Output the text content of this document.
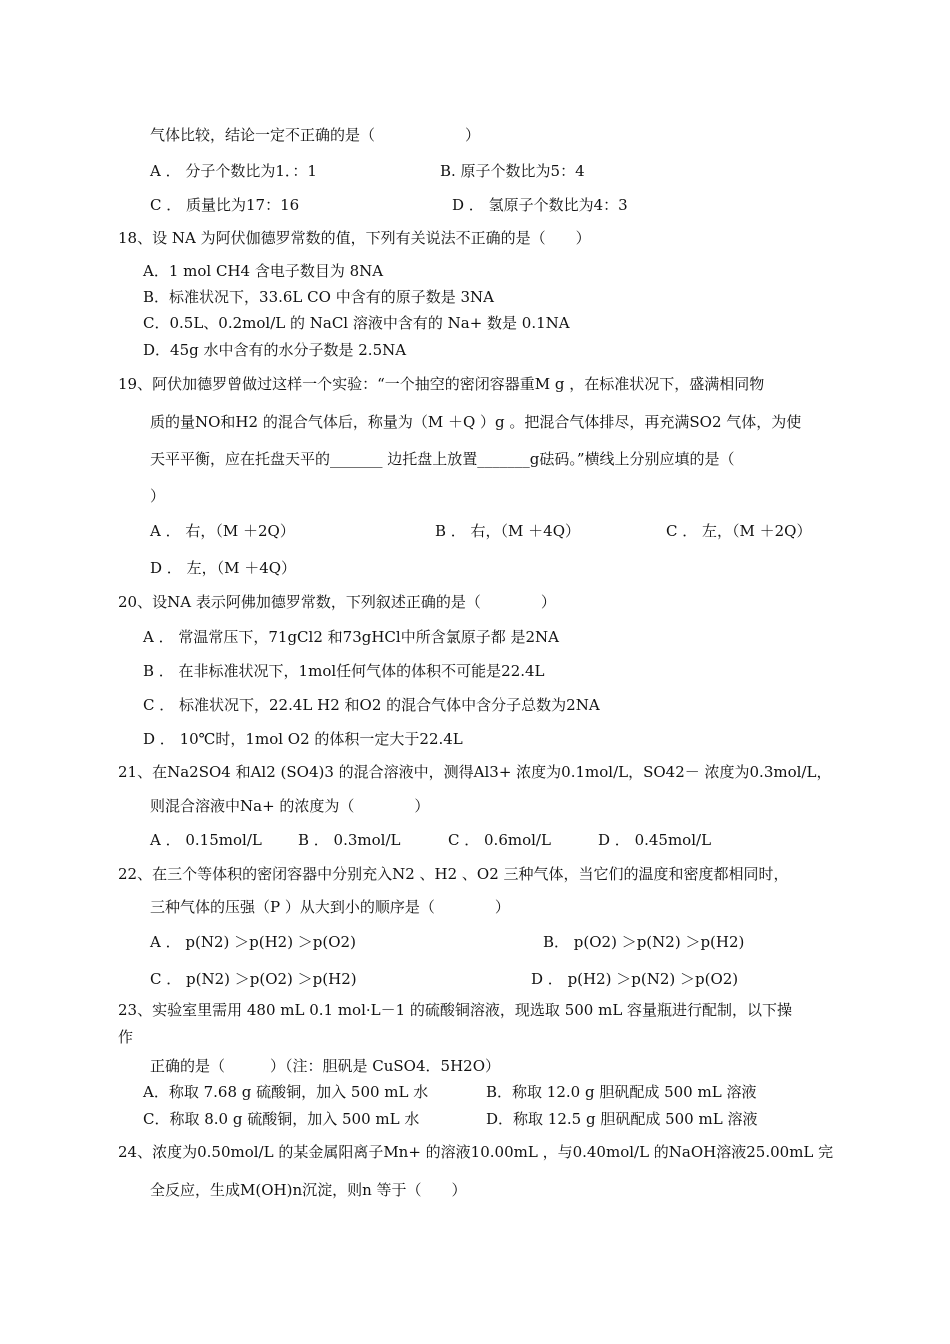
气体比较，结论一定不正确的是（　　　　　　）
A ． 分子个数比为1．：1	B. 原子个数比为5：4
C ． 质量比为17：16	D ． 氢原子个数比为4：3
18、设 NA 为阿伏伽德罗常数的值，下列有关说法不正确的是（　　）
A．1 mol CH4 含电子数目为 8NA
B．标准状况下，33.6L CO 中含有的原子数是 3NA
C．0.5L、0.2mol/L 的 NaCl 溶液中含有的 Na+ 数是 0.1NA
D．45g 水中含有的水分子数是 2.5NA
19、阿伏加德罗曾做过这样一个实验：“一个抽空的密闭容器重M g ，在标准状况下，盛满相同物
质的量NO和H2 的混合气体后，称量为（M ＋Q ）g 。把混合气体排尽，再充满SO2 气体，为使
天平平衡，应在托盘天平的_______ 边托盘上放置_______g砝码。”横线上分别应填的是（
）
A ． 右，（M ＋2Q）	B ． 右，（M ＋4Q）	C ． 左，（M ＋2Q）
D ． 左，（M ＋4Q）
20、设NA 表示阿佛加德罗常数，下列叙述正确的是（　　　　）
A ． 常温常压下，71gCl2 和73gHCl中所含氯原子都 是2NA
B ． 在非标准状况下，1mol任何气体的体积不可能是22.4L
C ． 标准状况下，22.4L H2 和O2 的混合气体中含分子总数为2NA
D ． 10℃时，1mol O2 的体积一定大于22.4L
21、在Na2SO4 和Al2 (SO4)3 的混合溶液中，测得Al3+ 浓度为0.1mol/L，SO42－ 浓度为0.3mol/L，
则混合溶液中Na+ 的浓度为（　　　　）
A ． 0.15mol/L B ． 0.3mol/L	C ． 0.6mol/L	D ． 0.45mol/L
22、在三个等体积的密闭容器中分别充入N2 、H2 、O2 三种气体，当它们的温度和密度都相同时，
三种气体的压强（P ）从大到小的顺序是（　　　　）
A ． p(N2) ＞p(H2) ＞p(O2)	B． p(O2) ＞p(N2) ＞p(H2)
C ． p(N2) ＞p(O2) ＞p(H2)	D ． p(H2) ＞p(N2) ＞p(O2)
23、实验室里需用 480 mL 0.1 mol·L－1 的硫酸铜溶液，现选取 500 mL 容量瓶进行配制，以下操
作
正确的是（　　　）（注：胆矾是 CuSO4．5H2O）
A．称取 7.68 g 硫酸铜，加入 500 mL 水	B．称取 12.0 g 胆矾配成 500 mL 溶液
C．称取 8.0 g 硫酸铜，加入 500 mL 水	D．称取 12.5 g 胆矾配成 500 mL 溶液
24、浓度为0.50mol/L 的某金属阳离子Mn+ 的溶液10.00mL ，与0.40mol/L 的NaOH溶液25.00mL 完
全反应，生成M(OH)n沉淀，则n 等于（　　）
